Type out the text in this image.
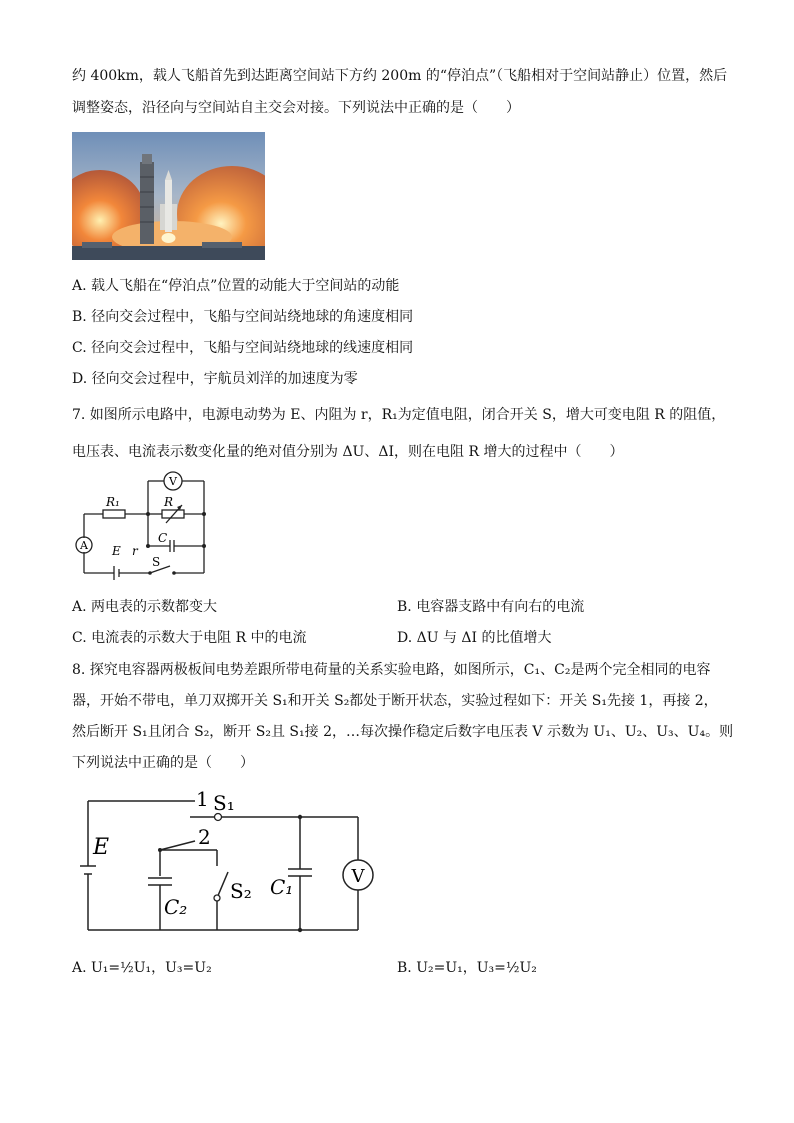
约 400km，载人飞船首先到达距离空间站下方约 200m 的“停泊点”（飞船相对于空间站静止）位置，然后
调整姿态，沿径向与空间站自主交会对接。下列说法中正确的是（　　）
A. 载人飞船在“停泊点”位置的动能大于空间站的动能
B. 径向交会过程中，飞船与空间站绕地球的角速度相同
C. 径向交会过程中，飞船与空间站绕地球的线速度相同
D. 径向交会过程中，宇航员刘洋的加速度为零
7. 如图所示电路中，电源电动势为 E、内阻为 r，R₁为定值电阻，闭合开关 S，增大可变电阻 R 的阻值，
电压表、电流表示数变化量的绝对值分别为 ΔU、ΔI，则在电阻 R 增大的过程中（　　）
A
V
R₁	R
C
E r
S
A. 两电表的示数都变大	B. 电容器支路中有向右的电流
C. 电流表的示数大于电阻 R 中的电流	D. ΔU 与 ΔI 的比值增大
8. 探究电容器两极板间电势差跟所带电荷量的关系实验电路，如图所示，C₁、C₂是两个完全相同的电容
器，开始不带电，单刀双掷开关 S₁和开关 S₂都处于断开状态，实验过程如下：开关 S₁先接 1，再接 2，
然后断开 S₁且闭合 S₂，断开 S₂且 S₁接 2，…每次操作稳定后数字电压表 V 示数为 U₁、U₂、U₃、U₄。则
下列说法中正确的是（　　）
1 S₁
2
E
C₂
S₂ C₁	V
A. U₁=½U₁，U₃=U₂	B. U₂=U₁，U₃=½U₂
